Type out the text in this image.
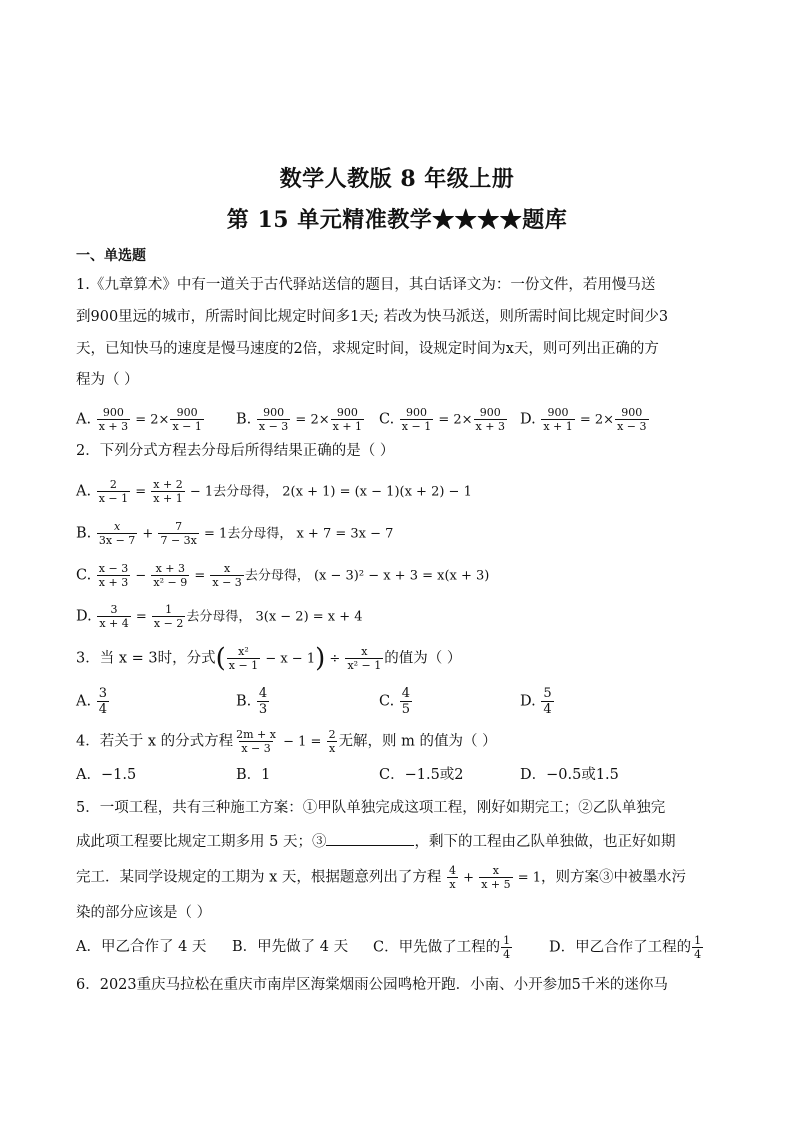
数学人教版 8 年级上册
第 15 单元精准教学★★★★题库
一、单选题
1.《九章算术》中有一道关于古代驿站送信的题目，其白话译文为：一份文件，若用慢马送
到900里远的城市，所需时间比规定时间多1天; 若改为快马派送，则所需时间比规定时间少3
天，已知快马的速度是慢马速度的2倍，求规定时间，设规定时间为x天，则可列出正确的方
程为（ ）
A. $\frac{900}{x + 3} = 2\times \frac{900}{x - 1} B$. $\frac{900}{x - 3} = 2\times \frac{900}{x + 1} C$. $\frac{900}{x - 1} = 2\times \frac{900}{x + 3} D$. $\frac{900}{x + 1} = 2\times \frac{900}{x - 3}$
2．下列分式方程去分母后所得结果正确的是（ ）
A. $\frac{2}{x - 1} = \frac{x + 2}{x + 1} - 1$去分母得， 2(x + 1) = (x − 1)(x + 2) − 1
B. $\frac{x}{3x - 7} + \frac{7}{7 - 3x} = 1$去分母得， x + 7 = 3x − 7
C. $\frac{x - 3}{x + 3} - \frac{x + 3}{\text{x² − 9}} = \frac{x}{x - 3}$ 去分母得， (x − 3)² − x + 3 = x(x + 3)
D. $\frac{3}{x + 4} = \frac{1}{x - 2}$ 去分母得， 3(x − 2) = x + 4
3．当 x = 3时，分式( $\frac{\text{x²}}{x - 1} - x - 1) \div \frac{x}{\text{x² − 1}}$ 的值为（ ）
A. $\frac{3}{4}$	B. $\frac{4}{3}$	C. $\frac{4}{5}$	D. $\frac{5}{4}$
4．若关于 x 的分式方程 $\frac{2m + x}{x - 3} - 1 = \frac{2}{x}$ 无解，则 m 的值为（ ）
A．−1.5	B．1	C．−1.5或2	D．−0.5或1.5
5．一项工程，共有三种施工方案：①甲队单独完成这项工程，刚好如期完工；②乙队单独完
成此项工程要比规定工期多用 5 天；③	，剩下的工程由乙队单独做，也正好如期
完工．某同学设规定的工期为 x 天，根据题意列出了方程 $\frac{4}{x} + \frac{x}{x + 5} = 1$，则方案③中被墨水污
染的部分应该是（ ）
A．甲乙合作了 4 天 B．甲先做了 4 天 C．甲先做了工程的 $\frac{1}{4}$	D．甲乙合作了工程的 $\frac{1}{4}$
6．2023重庆马拉松在重庆市南岸区海棠烟雨公园鸣枪开跑．小南、小开参加5千米的迷你马
